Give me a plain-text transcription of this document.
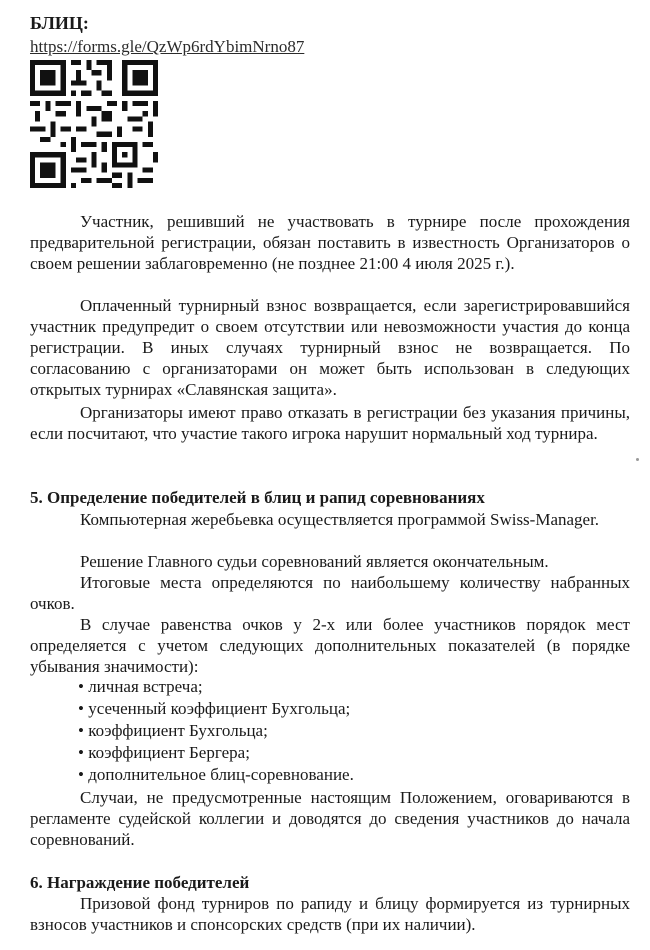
БЛИЦ:
https://forms.gle/QzWp6rdYbimNrno87

Участник, решивший не участвовать в турнире после прохождения предварительной регистрации, обязан поставить в известность Организаторов о своем решении заблаговременно (не позднее 21:00 4 июля 2025 г.).

Оплаченный турнирный взнос возвращается, если зарегистрировавшийся участник предупредит о своем отсутствии или невозможности участия до конца регистрации. В иных случаях турнирный взнос не возвращается. По согласованию с организаторами он может быть использован в следующих открытых турнирах «Славянская защита».

Организаторы имеют право отказать в регистрации без указания причины, если посчитают, что участие такого игрока нарушит нормальный ход турнира.

5. Определение победителей в блиц и рапид соревнованиях

Компьютерная жеребьевка осуществляется программой Swiss-Manager.

Решение Главного судьи соревнований является окончательным.

Итоговые места определяются по наибольшему количеству набранных очков.

В случае равенства очков у 2-х или более участников порядок мест определяется с учетом следующих дополнительных показателей (в порядке убывания значимости):

• личная встреча;
• усеченный коэффициент Бухгольца;
• коэффициент Бухгольца;
• коэффициент Бергера;
• дополнительное блиц-соревнование.

Случаи, не предусмотренные настоящим Положением, оговариваются в регламенте судейской коллегии и доводятся до сведения участников до начала соревнований.

6. Награждение победителей

Призовой фонд турниров по рапиду и блицу формируется из турнирных взносов участников и спонсорских средств (при их наличии).
